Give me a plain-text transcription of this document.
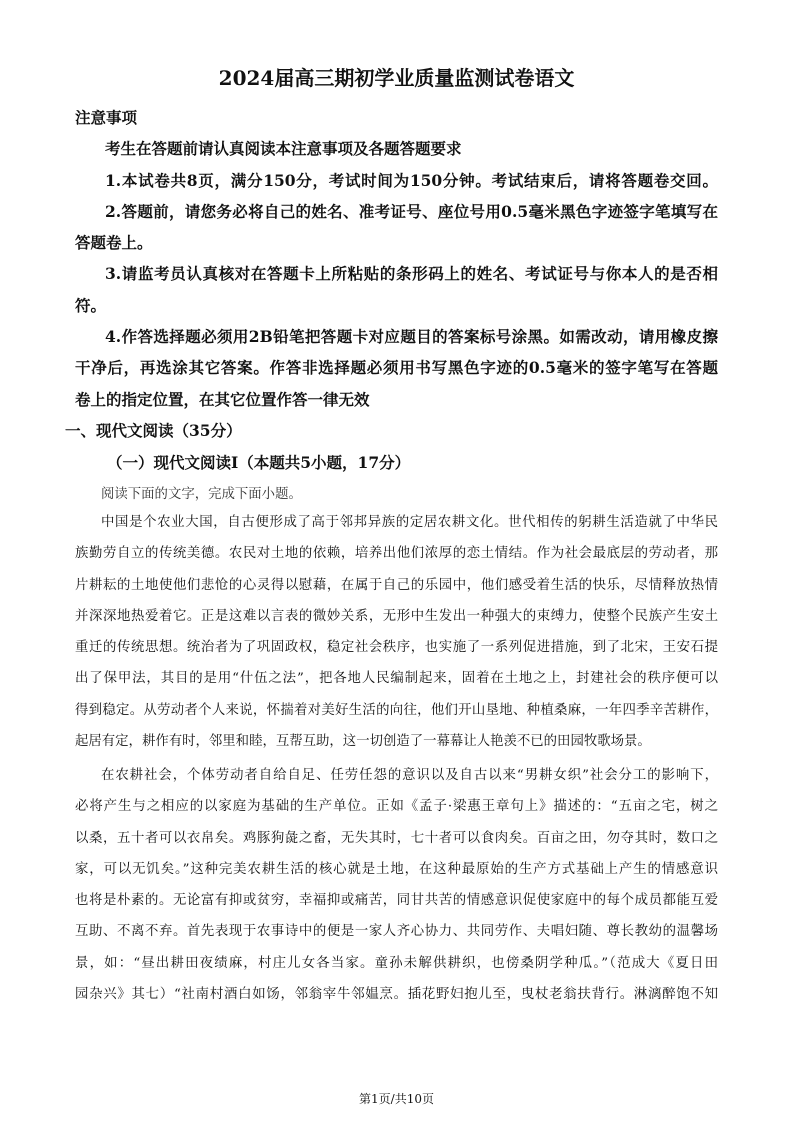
2024届高三期初学业质量监测试卷语文
注意事项
考生在答题前请认真阅读本注意事项及各题答题要求
1.本试卷共8页，满分150分，考试时间为150分钟。考试结束后，请将答题卷交回。
2.答题前，请您务必将自己的姓名、准考证号、座位号用0.5毫米黑色字迹签字笔填写在
答题卷上。
3.请监考员认真核对在答题卡上所粘贴的条形码上的姓名、考试证号与你本人的是否相
符。
4.作答选择题必须用2B铅笔把答题卡对应题目的答案标号涂黑。如需改动，请用橡皮擦
干净后，再选涂其它答案。作答非选择题必须用书写黑色字迹的0.5毫米的签字笔写在答题
卷上的指定位置，在其它位置作答一律无效
一、现代文阅读（35分）
（一）现代文阅读Ⅰ（本题共5小题，17分）
阅读下面的文字，完成下面小题。
中国是个农业大国，自古便形成了高于邻邦异族的定居农耕文化。世代相传的躬耕生活造就了中华民
族勤劳自立的传统美德。农民对土地的依赖，培养出他们浓厚的恋土情结。作为社会最底层的劳动者，那
片耕耘的土地使他们悲怆的心灵得以慰藉，在属于自己的乐园中，他们感受着生活的快乐，尽情释放热情
并深深地热爱着它。正是这难以言表的微妙关系，无形中生发出一种强大的束缚力，使整个民族产生安土
重迁的传统思想。统治者为了巩固政权，稳定社会秩序，也实施了一系列促进措施，到了北宋，王安石提
出了保甲法，其目的是用“什伍之法”，把各地人民编制起来，固着在土地之上，封建社会的秩序便可以
得到稳定。从劳动者个人来说，怀揣着对美好生活的向往，他们开山垦地、种植桑麻，一年四季辛苦耕作，
起居有定，耕作有时，邻里和睦，互帮互助，这一切创造了一幕幕让人艳羡不已的田园牧歌场景。
在农耕社会，个体劳动者自给自足、任劳任怨的意识以及自古以来“男耕女织”社会分工的影响下，
必将产生与之相应的以家庭为基础的生产单位。正如《孟子·梁惠王章句上》描述的：“五亩之宅，树之
以桑，五十者可以衣帛矣。鸡豚狗彘之畜，无失其时，七十者可以食肉矣。百亩之田，勿夺其时，数口之
家，可以无饥矣。”这种完美农耕生活的核心就是土地，在这种最原始的生产方式基础上产生的情感意识
也将是朴素的。无论富有抑或贫穷，幸福抑或痛苦，同甘共苦的情感意识促使家庭中的每个成员都能互爱
互助、不离不弃。首先表现于农事诗中的便是一家人齐心协力、共同劳作、夫唱妇随、尊长教幼的温馨场
景，如：“昼出耕田夜绩麻，村庄儿女各当家。童孙未解供耕织，也傍桑阴学种瓜。”（范成大《夏日田
园杂兴》其七）“社南村酒白如饧，邻翁宰牛邻媪烹。插花野妇抱儿至，曳杖老翁扶背行。淋漓醉饱不知
第1页/共10页
